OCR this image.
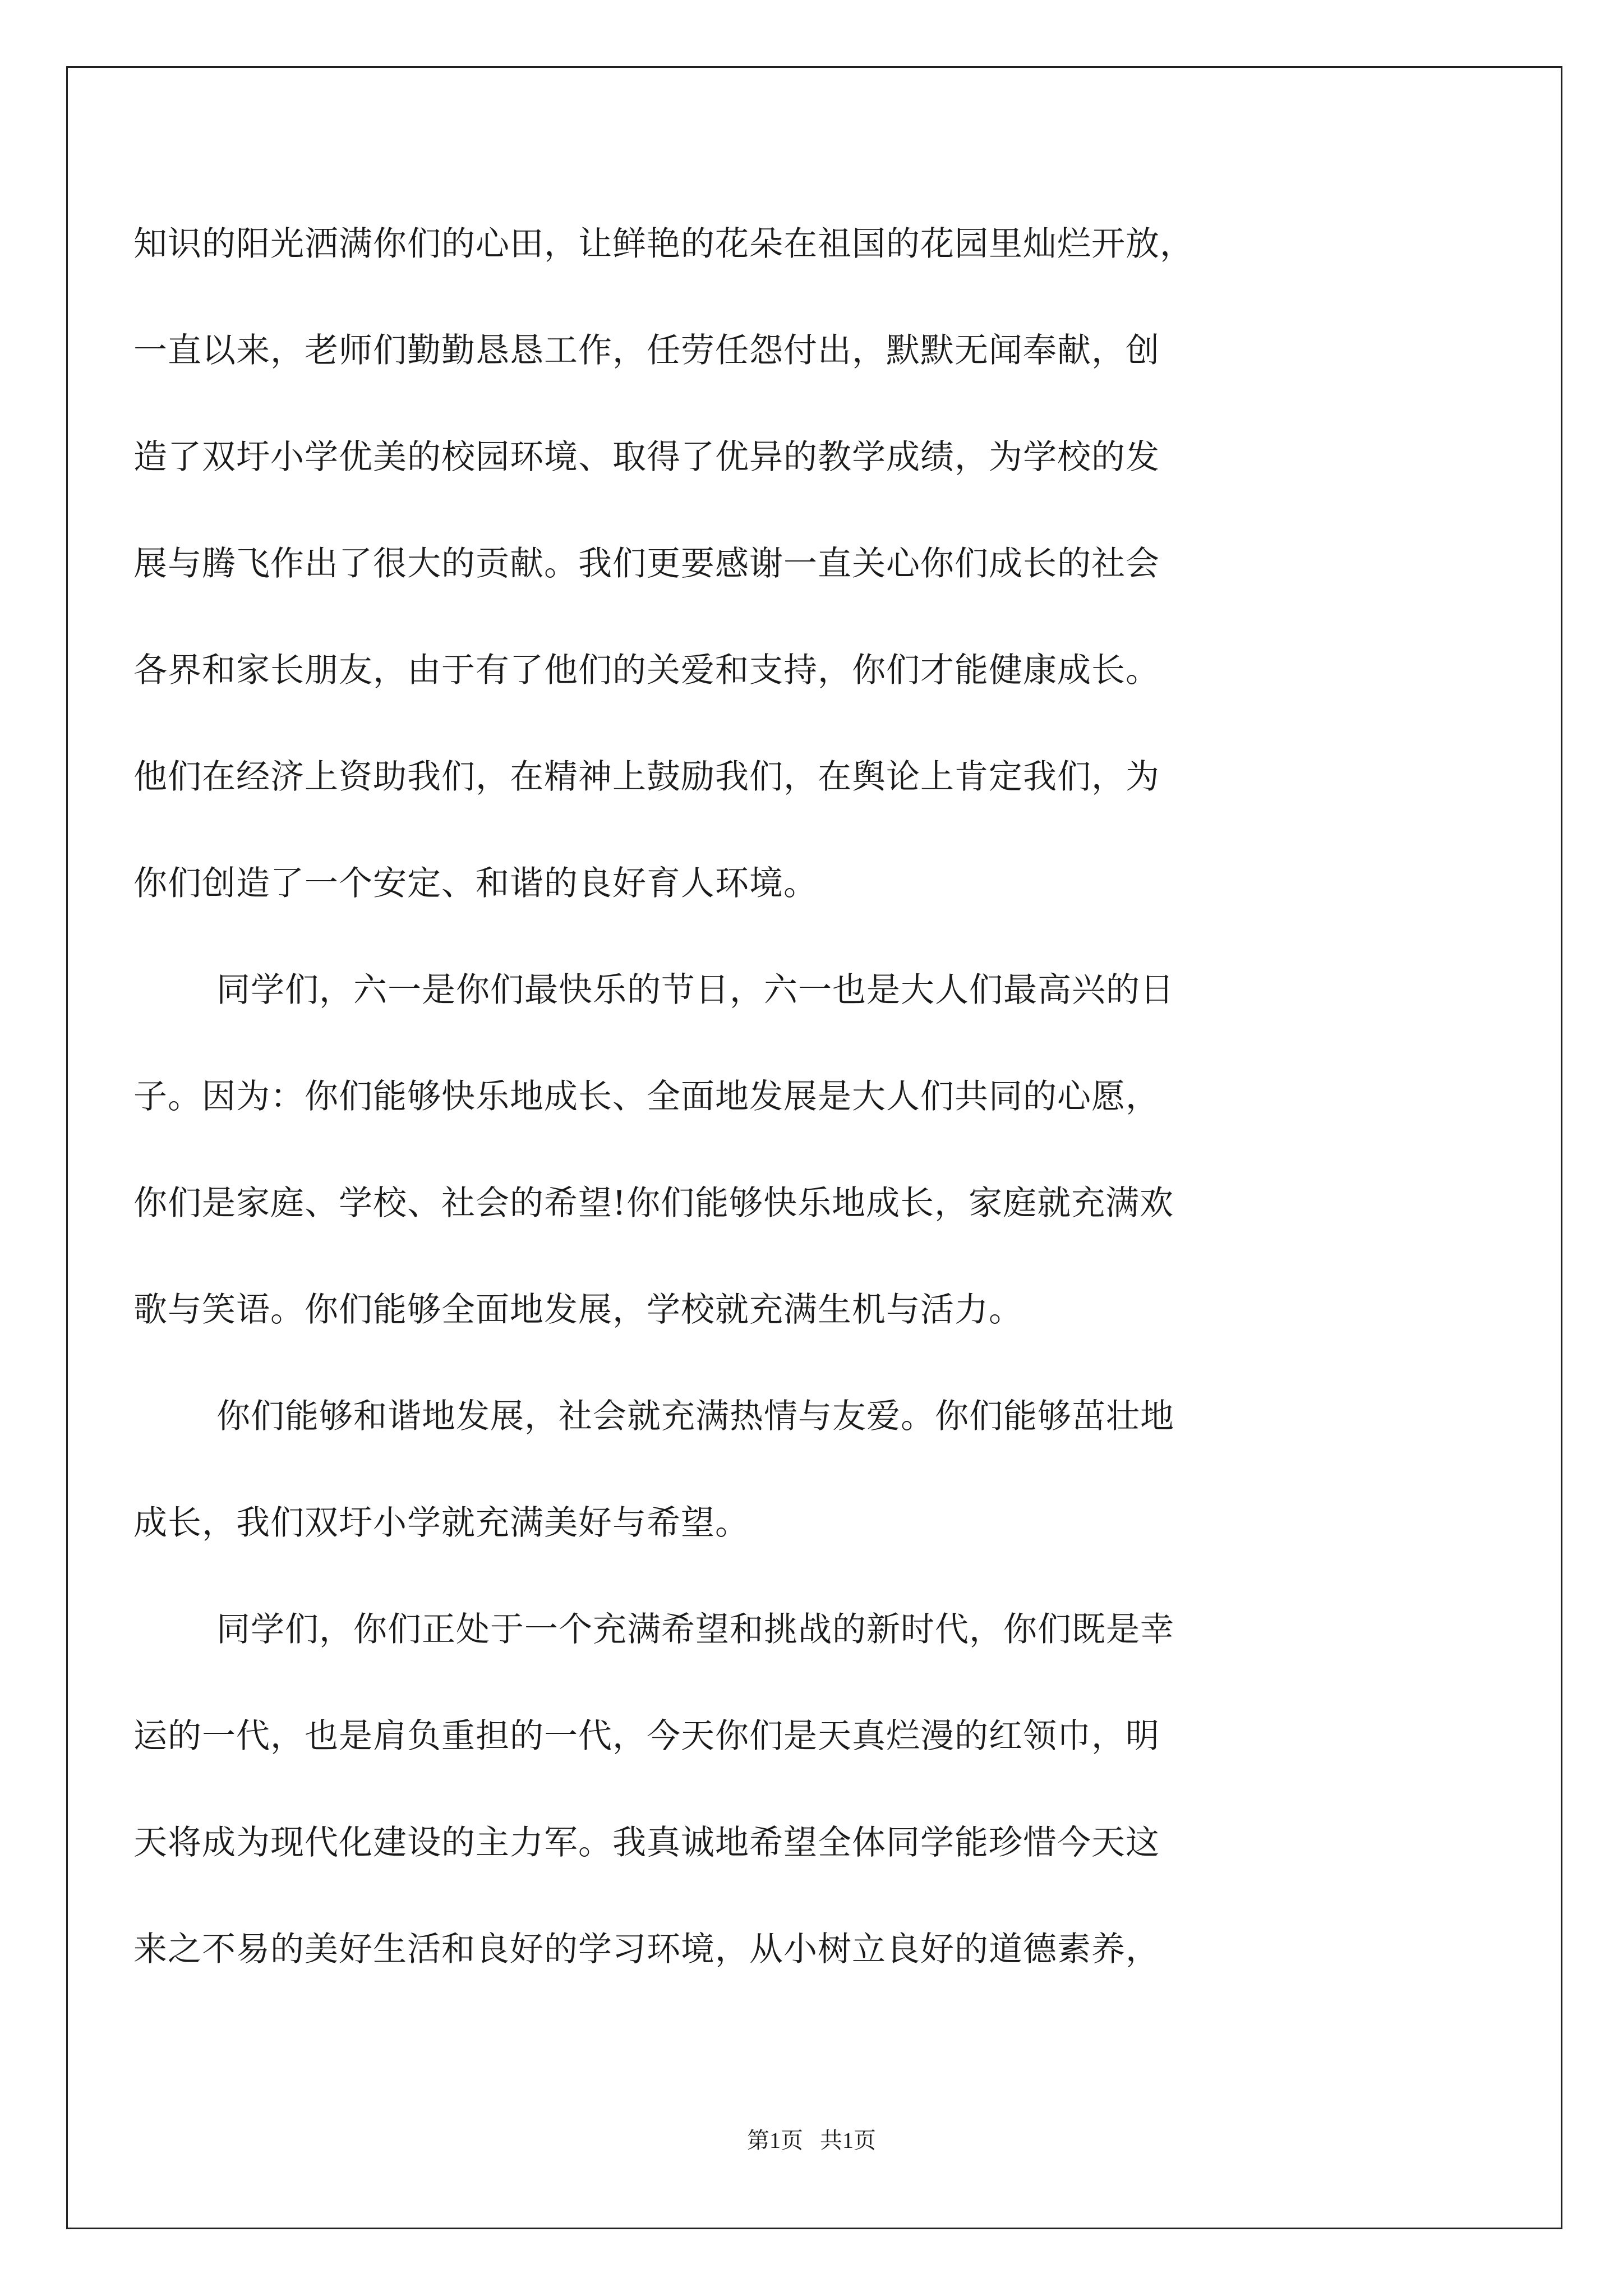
知识的阳光洒满你们的心田，让鲜艳的花朵在祖国的花园里灿烂开放，
一直以来，老师们勤勤恳恳工作，任劳任怨付出，默默无闻奉献，创
造了双圩小学优美的校园环境、取得了优异的教学成绩，为学校的发
展与腾飞作出了很大的贡献。我们更要感谢一直关心你们成长的社会
各界和家长朋友，由于有了他们的关爱和支持，你们才能健康成长。
他们在经济上资助我们，在精神上鼓励我们，在舆论上肯定我们，为
你们创造了一个安定、和谐的良好育人环境。
同学们，六一是你们最快乐的节日，六一也是大人们最高兴的日
子。因为：你们能够快乐地成长、全面地发展是大人们共同的心愿，
你们是家庭、学校、社会的希望!你们能够快乐地成长，家庭就充满欢
歌与笑语。你们能够全面地发展，学校就充满生机与活力。
你们能够和谐地发展，社会就充满热情与友爱。你们能够茁壮地
成长，我们双圩小学就充满美好与希望。
同学们，你们正处于一个充满希望和挑战的新时代，你们既是幸
运的一代，也是肩负重担的一代，今天你们是天真烂漫的红领巾，明
天将成为现代化建设的主力军。我真诚地希望全体同学能珍惜今天这
来之不易的美好生活和良好的学习环境，从小树立良好的道德素养，
第1页 共1页
